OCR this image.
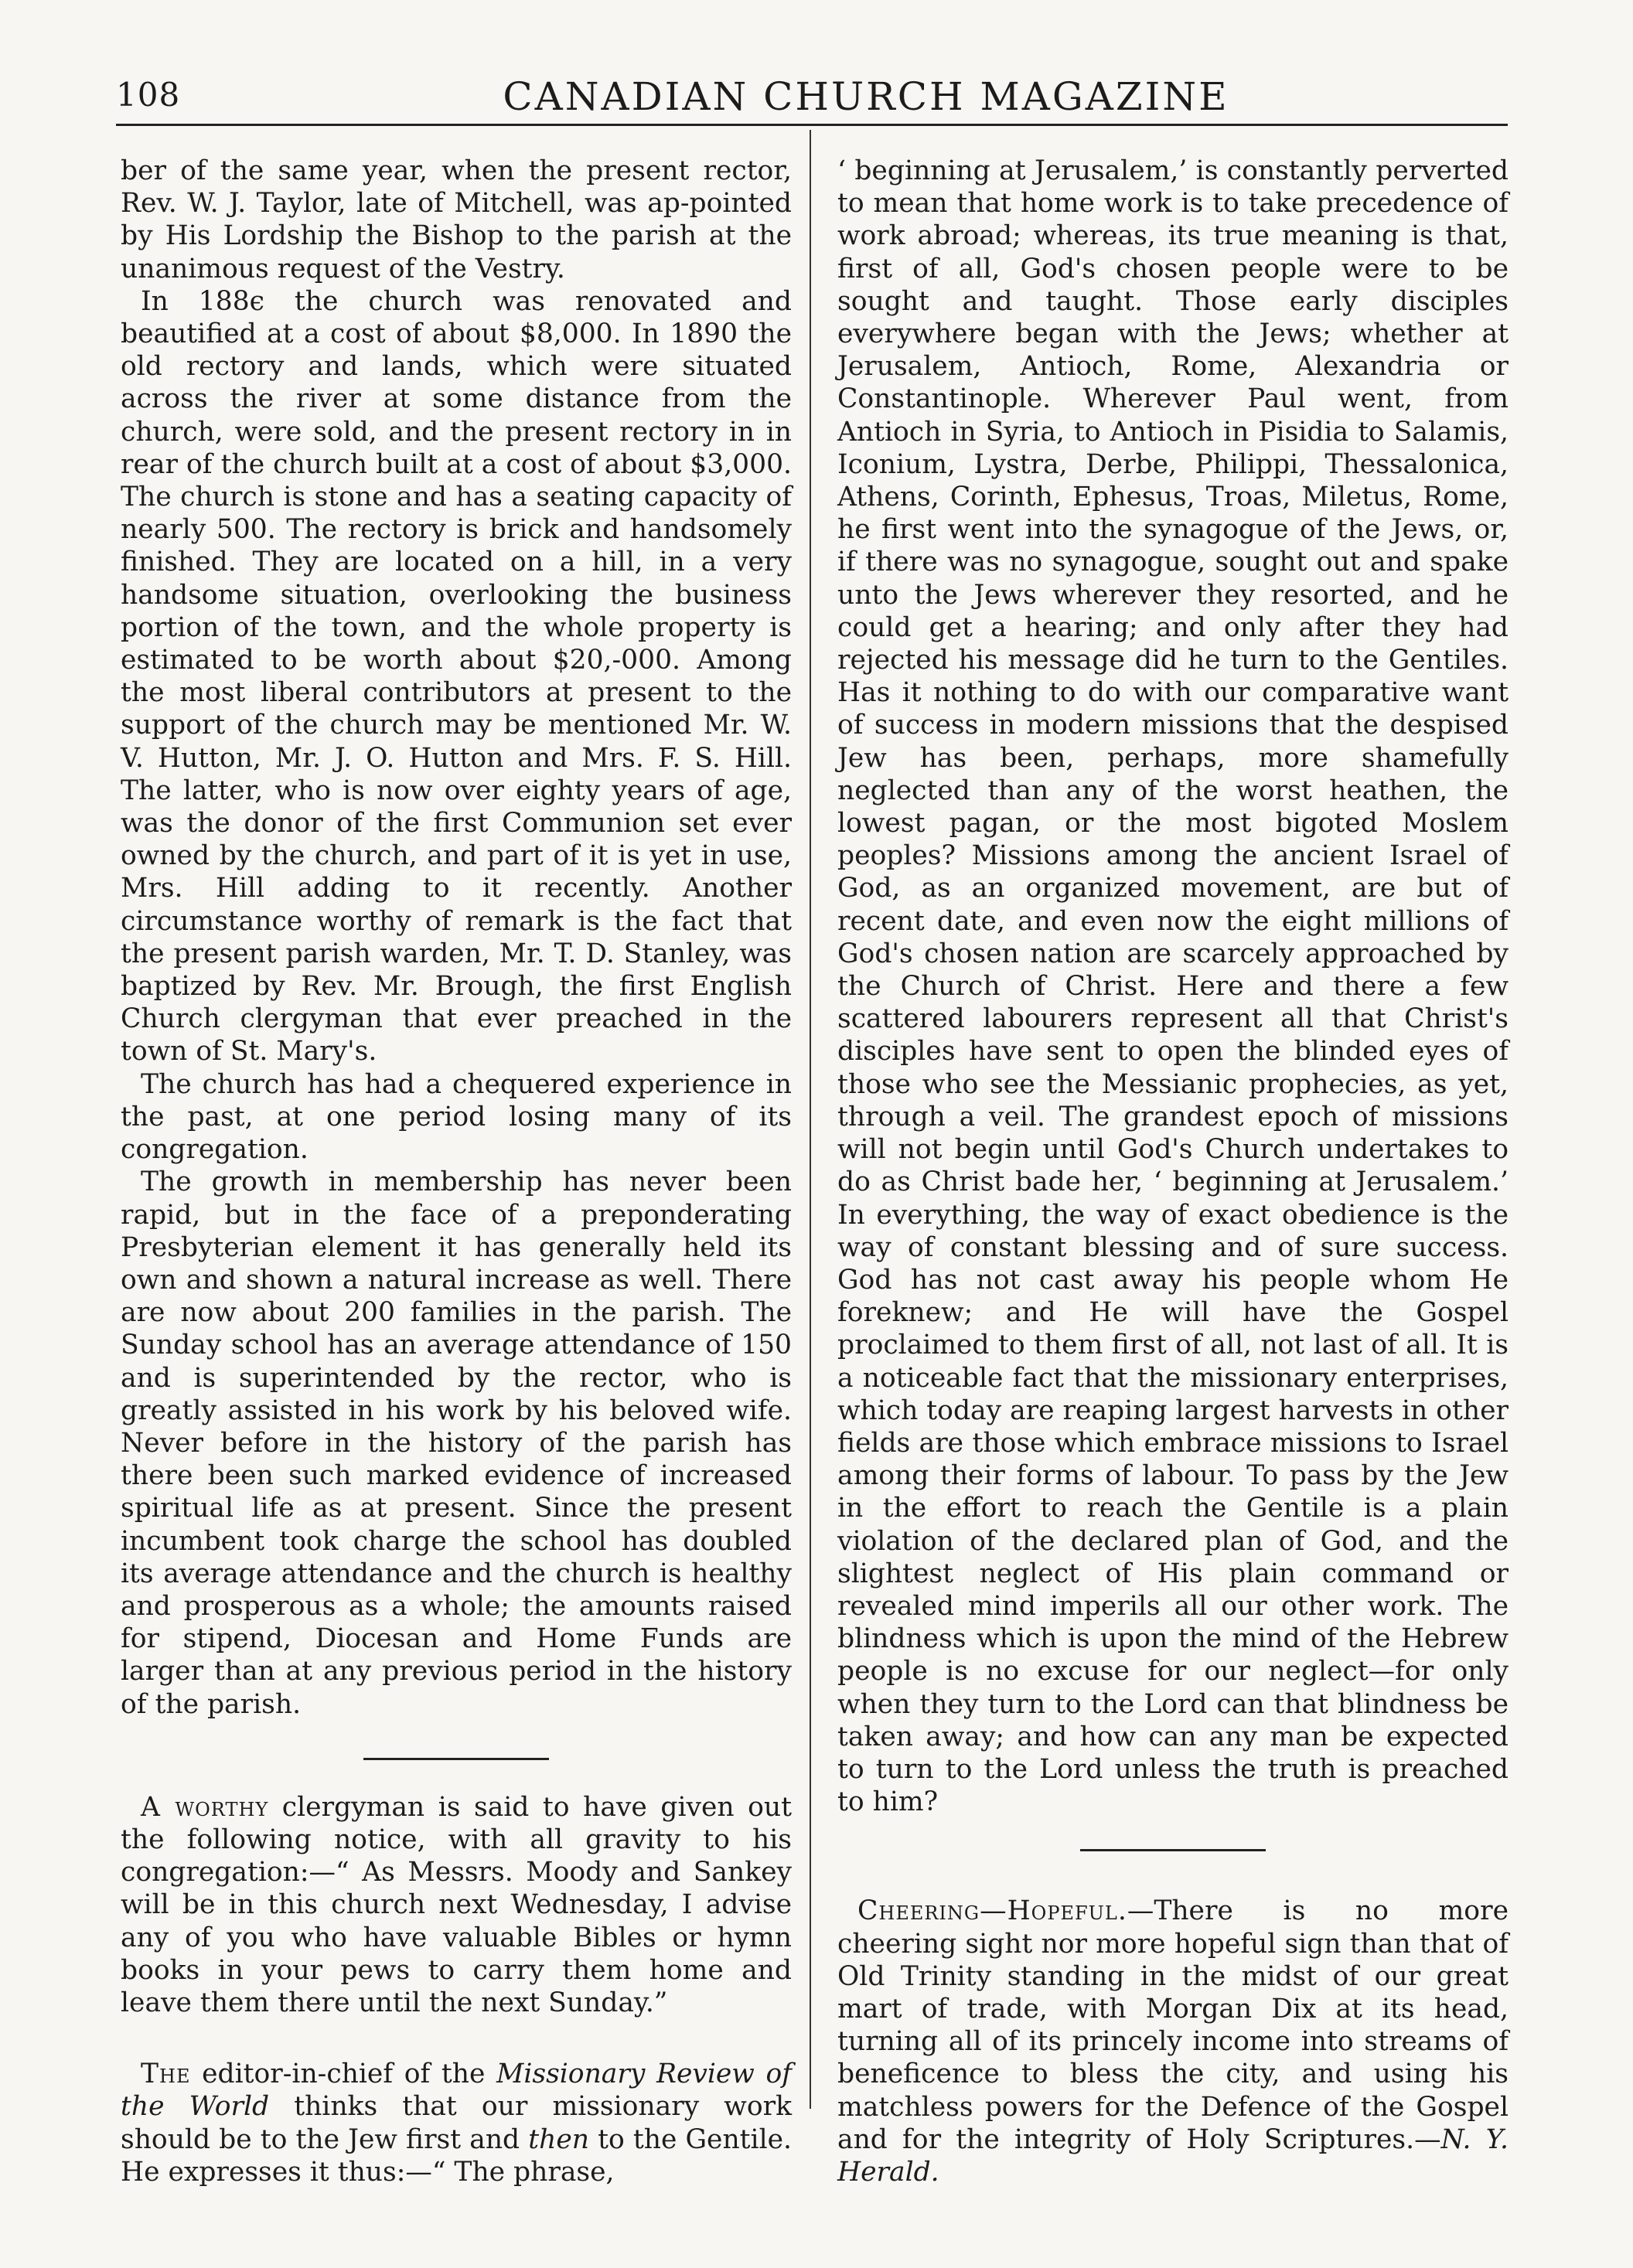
108	CANADIAN CHURCH MAGAZINE

ber of the same year, when the present rector, Rev. W. J. Taylor, late of Mitchell, was ap-pointed by His Lordship the Bishop to the parish at the unanimous request of the Vestry.

In 188ϵ the church was renovated and beautified at a cost of about $8,000. In 1890 the old rectory and lands, which were situated across the river at some distance from the church, were sold, and the present rectory in in rear of the church built at a cost of about $3,000. The church is stone and has a seating capacity of nearly 500. The rectory is brick and handsomely finished. They are located on a hill, in a very handsome situation, overlooking the business portion of the town, and the whole property is estimated to be worth about $20,-000. Among the most liberal contributors at present to the support of the church may be mentioned Mr. W. V. Hutton, Mr. J. O. Hutton and Mrs. F. S. Hill. The latter, who is now over eighty years of age, was the donor of the first Communion set ever owned by the church, and part of it is yet in use, Mrs. Hill adding to it recently. Another circumstance worthy of remark is the fact that the present parish warden, Mr. T. D. Stanley, was baptized by Rev. Mr. Brough, the first English Church clergyman that ever preached in the town of St. Mary's.

The church has had a chequered experience in the past, at one period losing many of its congregation.

The growth in membership has never been rapid, but in the face of a preponderating Presbyterian element it has generally held its own and shown a natural increase as well. There are now about 200 families in the parish. The Sunday school has an average attendance of 150 and is superintended by the rector, who is greatly assisted in his work by his beloved wife. Never before in the history of the parish has there been such marked evidence of increased spiritual life as at present. Since the present incumbent took charge the school has doubled its average attendance and the church is healthy and prosperous as a whole; the amounts raised for stipend, Diocesan and Home Funds are larger than at any previous period in the history of the parish.

A worthy clergyman is said to have given out the following notice, with all gravity to his congregation:—“ As Messrs. Moody and Sankey will be in this church next Wednesday, I advise any of you who have valuable Bibles or hymn books in your pews to carry them home and leave them there until the next Sunday.”

The editor-in-chief of the Missionary Review of the World thinks that our missionary work should be to the Jew first and then to the Gentile. He expresses it thus:—“ The phrase,

‘ beginning at Jerusalem,’ is constantly perverted to mean that home work is to take precedence of work abroad; whereas, its true meaning is that, first of all, God's chosen people were to be sought and taught. Those early disciples everywhere began with the Jews; whether at Jerusalem, Antioch, Rome, Alexandria or Constantinople. Wherever Paul went, from Antioch in Syria, to Antioch in Pisidia to Salamis, Iconium, Lystra, Derbe, Philippi, Thessalonica, Athens, Corinth, Ephesus, Troas, Miletus, Rome, he first went into the synagogue of the Jews, or, if there was no synagogue, sought out and spake unto the Jews wherever they resorted, and he could get a hearing; and only after they had rejected his message did he turn to the Gentiles. Has it nothing to do with our comparative want of success in modern missions that the despised Jew has been, perhaps, more shamefully neglected than any of the worst heathen, the lowest pagan, or the most bigoted Moslem peoples? Missions among the ancient Israel of God, as an organized movement, are but of recent date, and even now the eight millions of God's chosen nation are scarcely approached by the Church of Christ. Here and there a few scattered labourers represent all that Christ's disciples have sent to open the blinded eyes of those who see the Messianic prophecies, as yet, through a veil. The grandest epoch of missions will not begin until God's Church undertakes to do as Christ bade her, ‘ beginning at Jerusalem.’ In everything, the way of exact obedience is the way of constant blessing and of sure success. God has not cast away his people whom He foreknew; and He will have the Gospel proclaimed to them first of all, not last of all. It is a noticeable fact that the missionary enterprises, which today are reaping largest harvests in other fields are those which embrace missions to Israel among their forms of labour. To pass by the Jew in the effort to reach the Gentile is a plain violation of the declared plan of God, and the slightest neglect of His plain command or revealed mind imperils all our other work. The blindness which is upon the mind of the Hebrew people is no excuse for our neglect—for only when they turn to the Lord can that blindness be taken away; and how can any man be expected to turn to the Lord unless the truth is preached to him?

Cheering—Hopeful.—There is no more cheering sight nor more hopeful sign than that of Old Trinity standing in the midst of our great mart of trade, with Morgan Dix at its head, turning all of its princely income into streams of beneficence to bless the city, and using his matchless powers for the Defence of the Gospel and for the integrity of Holy Scriptures.—N. Y. Herald.
